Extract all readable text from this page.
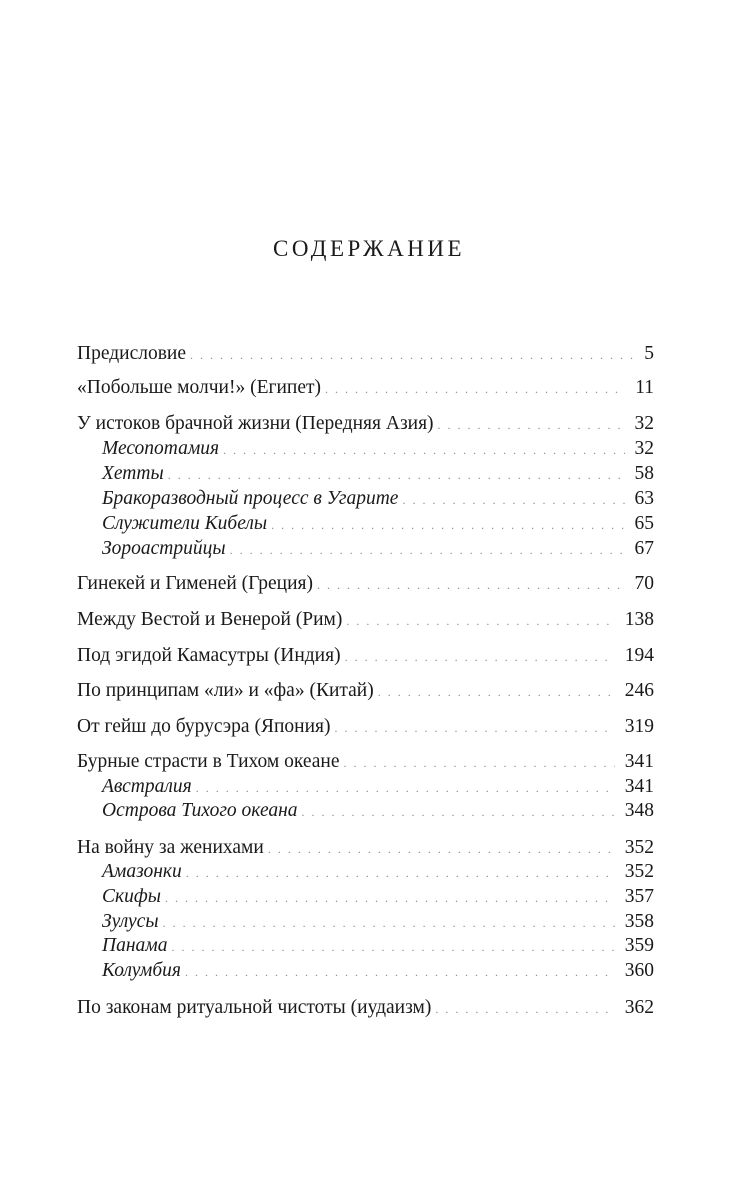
СОДЕРЖАНИЕ
Предисловие . . .	5
«Побольше молчи!» (Египет) . . .	11
У истоков брачной жизни (Передняя Азия) . . .	32
Месопотамия . . .	32
Хетты . . .	58
Бракоразводный процесс в Угарите . . .	63
Служители Кибелы . . .	65
Зороастрийцы . . .	67
Гинекей и Гименей (Греция) . . .	70
Между Вестой и Венерой (Рим) . . .	138
Под эгидой Камасутры (Индия) . . .	194
По принципам «ли» и «фа» (Китай) . . .	246
От гейш до бурусэра (Япония) . . .	319
Бурные страсти в Тихом океане . . .	341
Австралия . . .	341
Острова Тихого океана . . .	348
На войну за женихами . . .	352
Амазонки . . .	352
Скифы . . .	357
Зулусы . . .	358
Панама . . .	359
Колумбия . . .	360
По законам ритуальной чистоты (иудаизм) . . .	362
